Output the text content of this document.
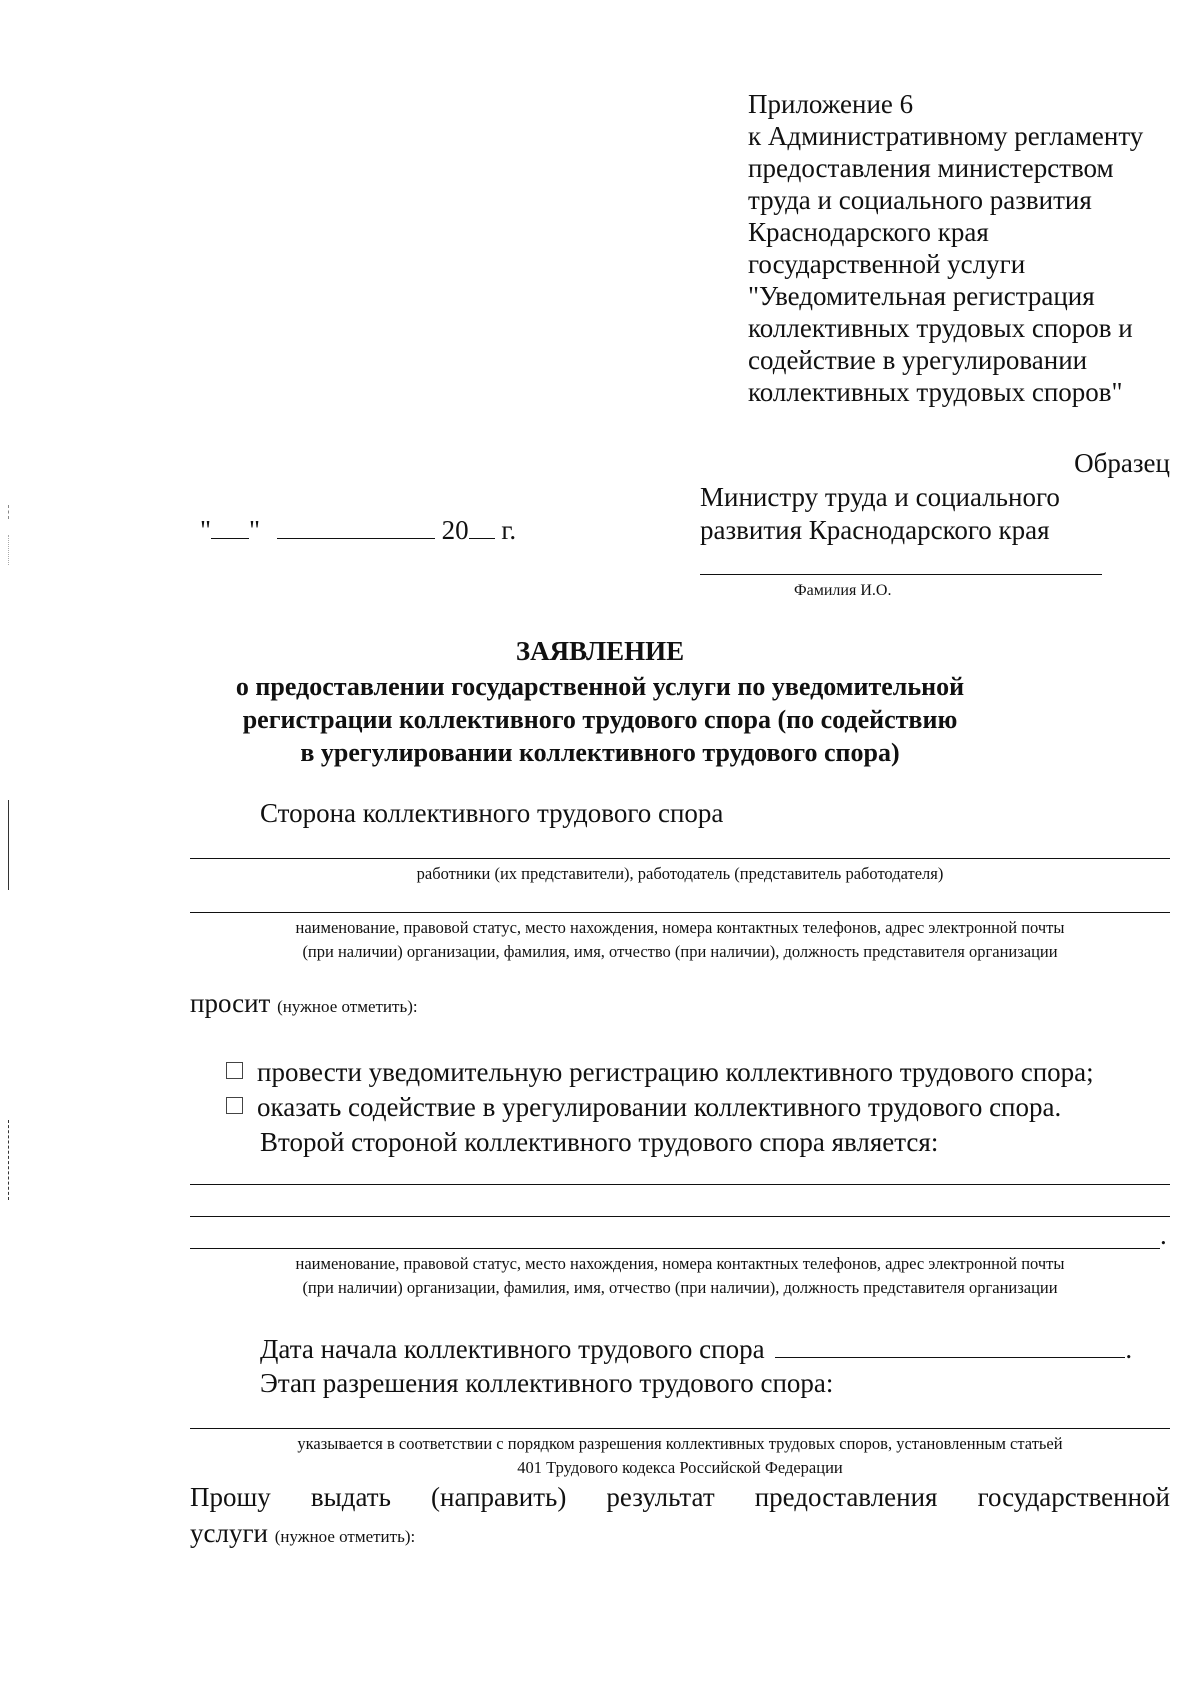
Приложение 6
к Административному регламенту
предоставления министерством
труда и социального развития
Краснодарского края
государственной услуги
"Уведомительная регистрация
коллективных трудовых споров и
содействие в урегулировании
коллективных трудовых споров"
Образец
Министру труда и социального
развития Краснодарского края
Фамилия И.О.
" "	20 г.
ЗАЯВЛЕНИЕ
о предоставлении государственной услуги по уведомительной
регистрации коллективного трудового спора (по содействию
в урегулировании коллективного трудового спора)
Сторона коллективного трудового спора
работники (их представители), работодатель (представитель работодателя)
наименование, правовой статус, место нахождения, номера контактных телефонов, адрес электронной почты
(при наличии) организации, фамилия, имя, отчество (при наличии), должность представителя организации
просит (нужное отметить):
провести уведомительную регистрацию коллективного трудового спора;
оказать содействие в урегулировании коллективного трудового спора.
Второй стороной коллективного трудового спора является:
.
наименование, правовой статус, место нахождения, номера контактных телефонов, адрес электронной почты
(при наличии) организации, фамилия, имя, отчество (при наличии), должность представителя организации
Дата начала коллективного трудового спора	.
Этап разрешения коллективного трудового спора:
указывается в соответствии с порядком разрешения коллективных трудовых споров, установленным статьей
401 Трудового кодекса Российской Федерации
Прошу выдать (направить) результат предоставления государственной
услуги (нужное отметить):
